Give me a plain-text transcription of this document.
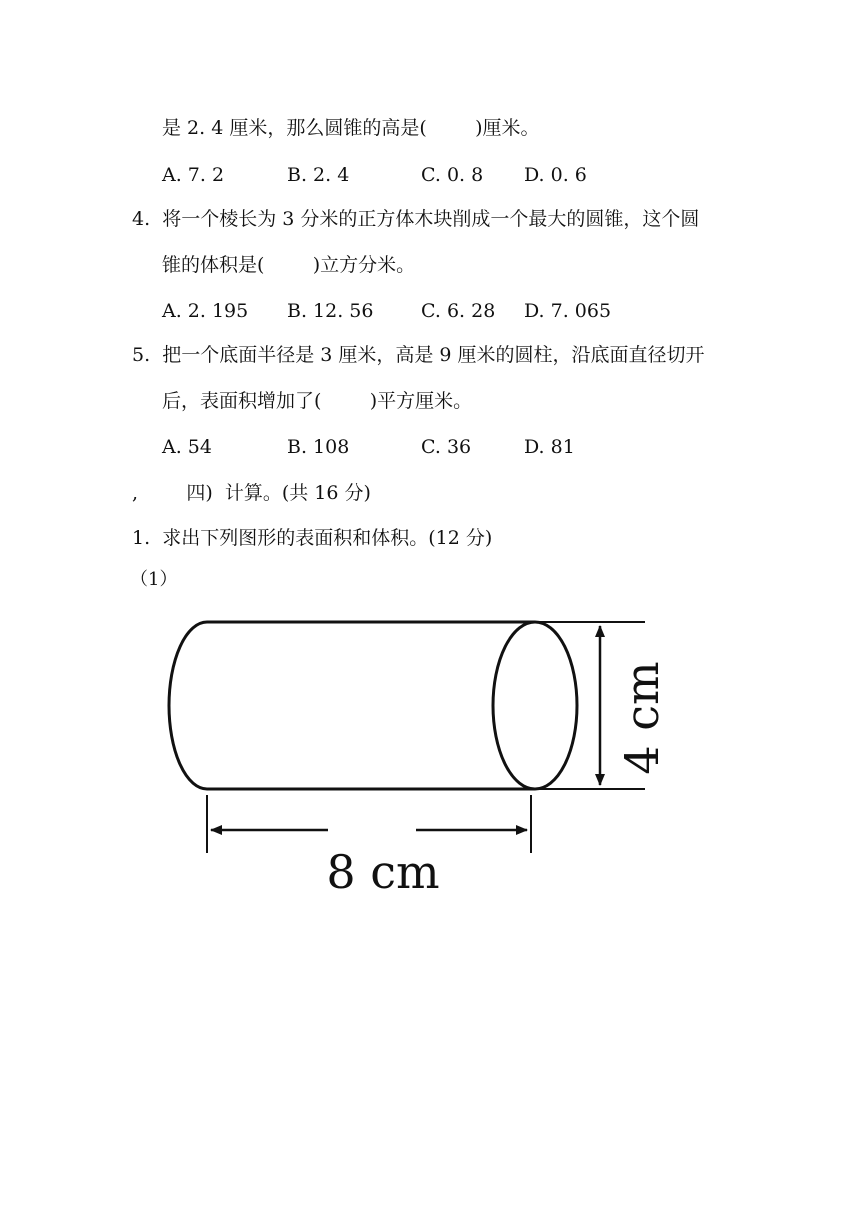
是 2. 4 厘米，那么圆锥的高是(        )厘米。
A. 7. 2	B. 2. 4	C. 0. 8 D. 0. 6
4.  将一个棱长为 3 分米的正方体木块削成一个最大的圆锥，这个圆
锥的体积是(        )立方分米。
A. 2. 195 B. 12. 56	C. 6. 28 D. 7. 065
5.  把一个底面半径是 3 厘米，高是 9 厘米的圆柱，沿底面直径切开
后，表面积增加了(        )平方厘米。
A. 54	B. 108	C. 36	D. 81
,        四)  计算。(共 16 分)
1.  求出下列图形的表面积和体积。(12 分)
（1）
8 cm
4 cm
